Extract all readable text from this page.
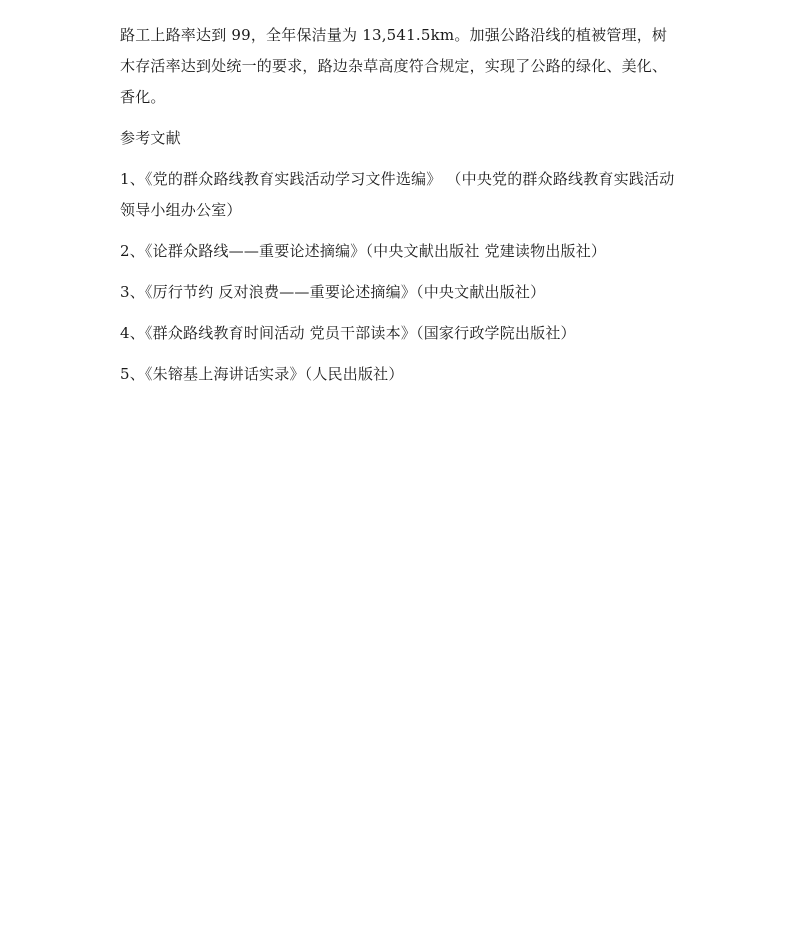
路工上路率达到 99，全年保洁量为 13,541.5km。加强公路沿线的植被管理，树木存活率达到处统一的要求，路边杂草高度符合规定，实现了公路的绿化、美化、香化。

参考文献

1、《党的群众路线教育实践活动学习文件选编》 （中央党的群众路线教育实践活动领导小组办公室）
2、《论群众路线——重要论述摘编》（中央文献出版社 党建读物出版社）
3、《厉行节约 反对浪费——重要论述摘编》（中央文献出版社）
4、《群众路线教育时间活动 党员干部读本》（国家行政学院出版社）
5、《朱镕基上海讲话实录》（人民出版社）
